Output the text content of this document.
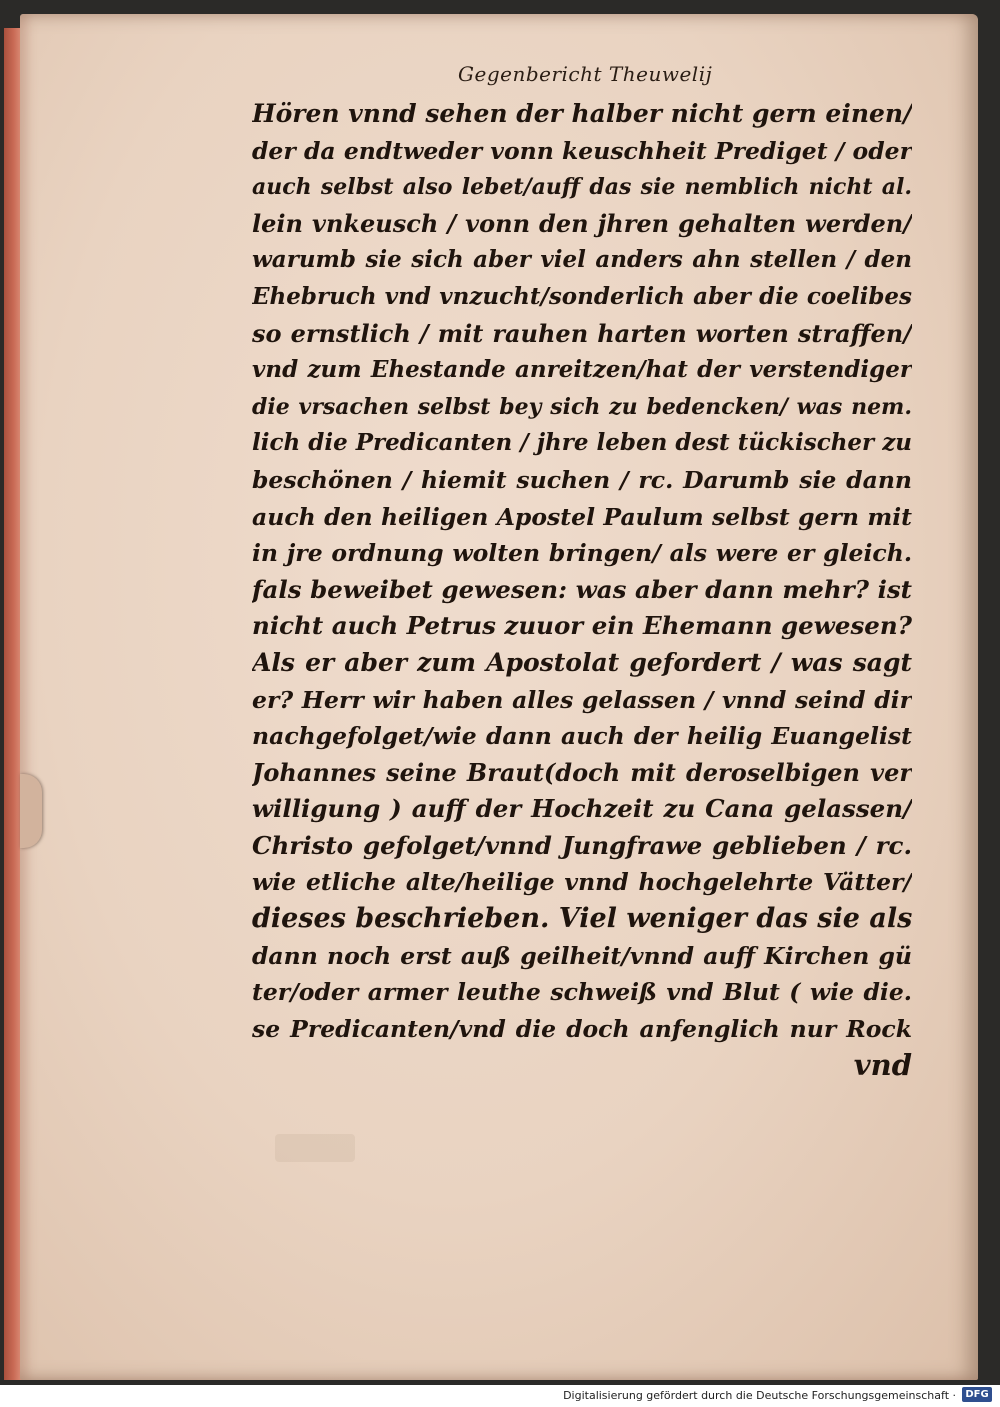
Gegenbericht Theuwelij
Hören vnnd sehen der halber nicht gern einen/
der da endtweder vonn keuschheit Prediget / oder
auch selbst also lebet/auff das sie nemblich nicht al.
lein vnkeusch / vonn den jhren gehalten werden/
warumb sie sich aber viel anders ahn stellen / den
Ehebruch vnd vnzucht/sonderlich aber die coelibes
so ernstlich / mit rauhen harten worten straffen/
vnd zum Ehestande anreitzen/hat der verstendiger
die vrsachen selbst bey sich zu bedencken/ was nem.
lich die Predicanten / jhre leben dest tückischer zu
beschönen / hiemit suchen / rc. Darumb sie dann
auch den heiligen Apostel Paulum selbst gern mit
in jre ordnung wolten bringen/ als were er gleich.
fals beweibet gewesen: was aber dann mehr? ist
nicht auch Petrus zuuor ein Ehemann gewesen?
Als er aber zum Apostolat gefordert / was sagt
er? Herr wir haben alles gelassen / vnnd seind dir
nachgefolget/wie dann auch der heilig Euangelist
Johannes seine Braut(doch mit deroselbigen ver
willigung ) auff der Hochzeit zu Cana gelassen/
Christo gefolget/vnnd Jungfrawe geblieben / rc.
wie etliche alte/heilige vnnd hochgelehrte Vätter/
dieses beschrieben. Viel weniger das sie als
dann noch erst auß geilheit/vnnd auff Kirchen gü
ter/oder armer leuthe schweiß vnd Blut ( wie die.
se Predicanten/vnd die doch anfenglich nur Rock
vnd
Digitalisierung gefördert durch die Deutsche Forschungsgemeinschaft · DFG
